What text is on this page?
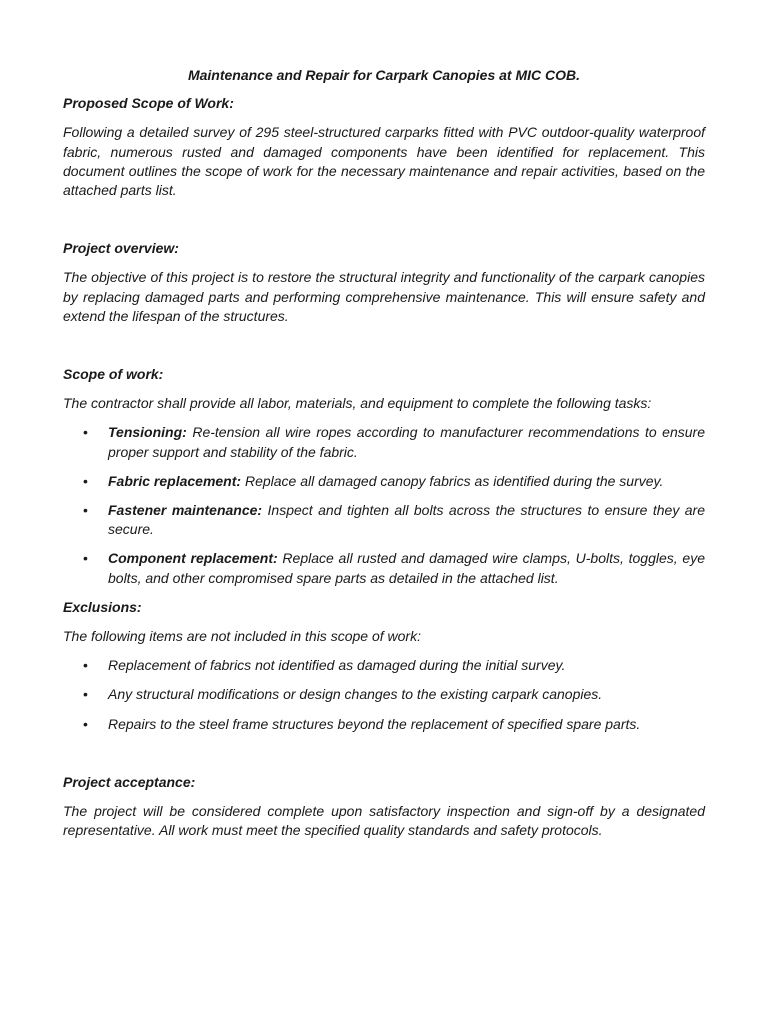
Maintenance and Repair for Carpark Canopies at MIC COB.

Proposed Scope of Work:

Following a detailed survey of 295 steel-structured carparks fitted with PVC outdoor-quality waterproof fabric, numerous rusted and damaged components have been identified for replacement. This document outlines the scope of work for the necessary maintenance and repair activities, based on the attached parts list.

Project overview:

The objective of this project is to restore the structural integrity and functionality of the carpark canopies by replacing damaged parts and performing comprehensive maintenance. This will ensure safety and extend the lifespan of the structures.

Scope of work:

The contractor shall provide all labor, materials, and equipment to complete the following tasks:

• Tensioning: Re-tension all wire ropes according to manufacturer recommendations to ensure proper support and stability of the fabric.
• Fabric replacement: Replace all damaged canopy fabrics as identified during the survey.
• Fastener maintenance: Inspect and tighten all bolts across the structures to ensure they are secure.
• Component replacement: Replace all rusted and damaged wire clamps, U-bolts, toggles, eye bolts, and other compromised spare parts as detailed in the attached list.

Exclusions:

The following items are not included in this scope of work:

• Replacement of fabrics not identified as damaged during the initial survey.
• Any structural modifications or design changes to the existing carpark canopies.
• Repairs to the steel frame structures beyond the replacement of specified spare parts.

Project acceptance:

The project will be considered complete upon satisfactory inspection and sign-off by a designated representative. All work must meet the specified quality standards and safety protocols.
